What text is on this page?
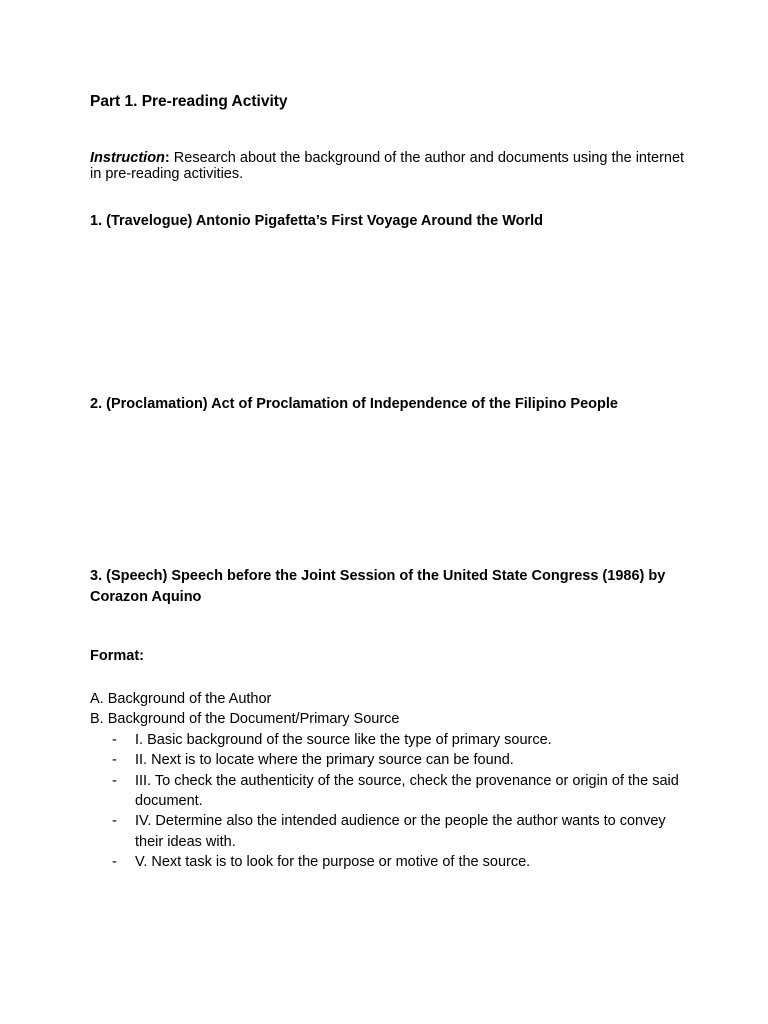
Part 1. Pre-reading Activity

Instruction: Research about the background of the author and documents using the internet in pre-reading activities.

1. (Travelogue) Antonio Pigafetta’s First Voyage Around the World

2. (Proclamation) Act of Proclamation of Independence of the Filipino People

3. (Speech) Speech before the Joint Session of the United State Congress (1986) by Corazon Aquino

Format:

A. Background of the Author
B. Background of the Document/Primary Source
- I. Basic background of the source like the type of primary source.
- II. Next is to locate where the primary source can be found.
- III. To check the authenticity of the source, check the provenance or origin of the said document.
- IV. Determine also the intended audience or the people the author wants to convey their ideas with.
- V. Next task is to look for the purpose or motive of the source.
